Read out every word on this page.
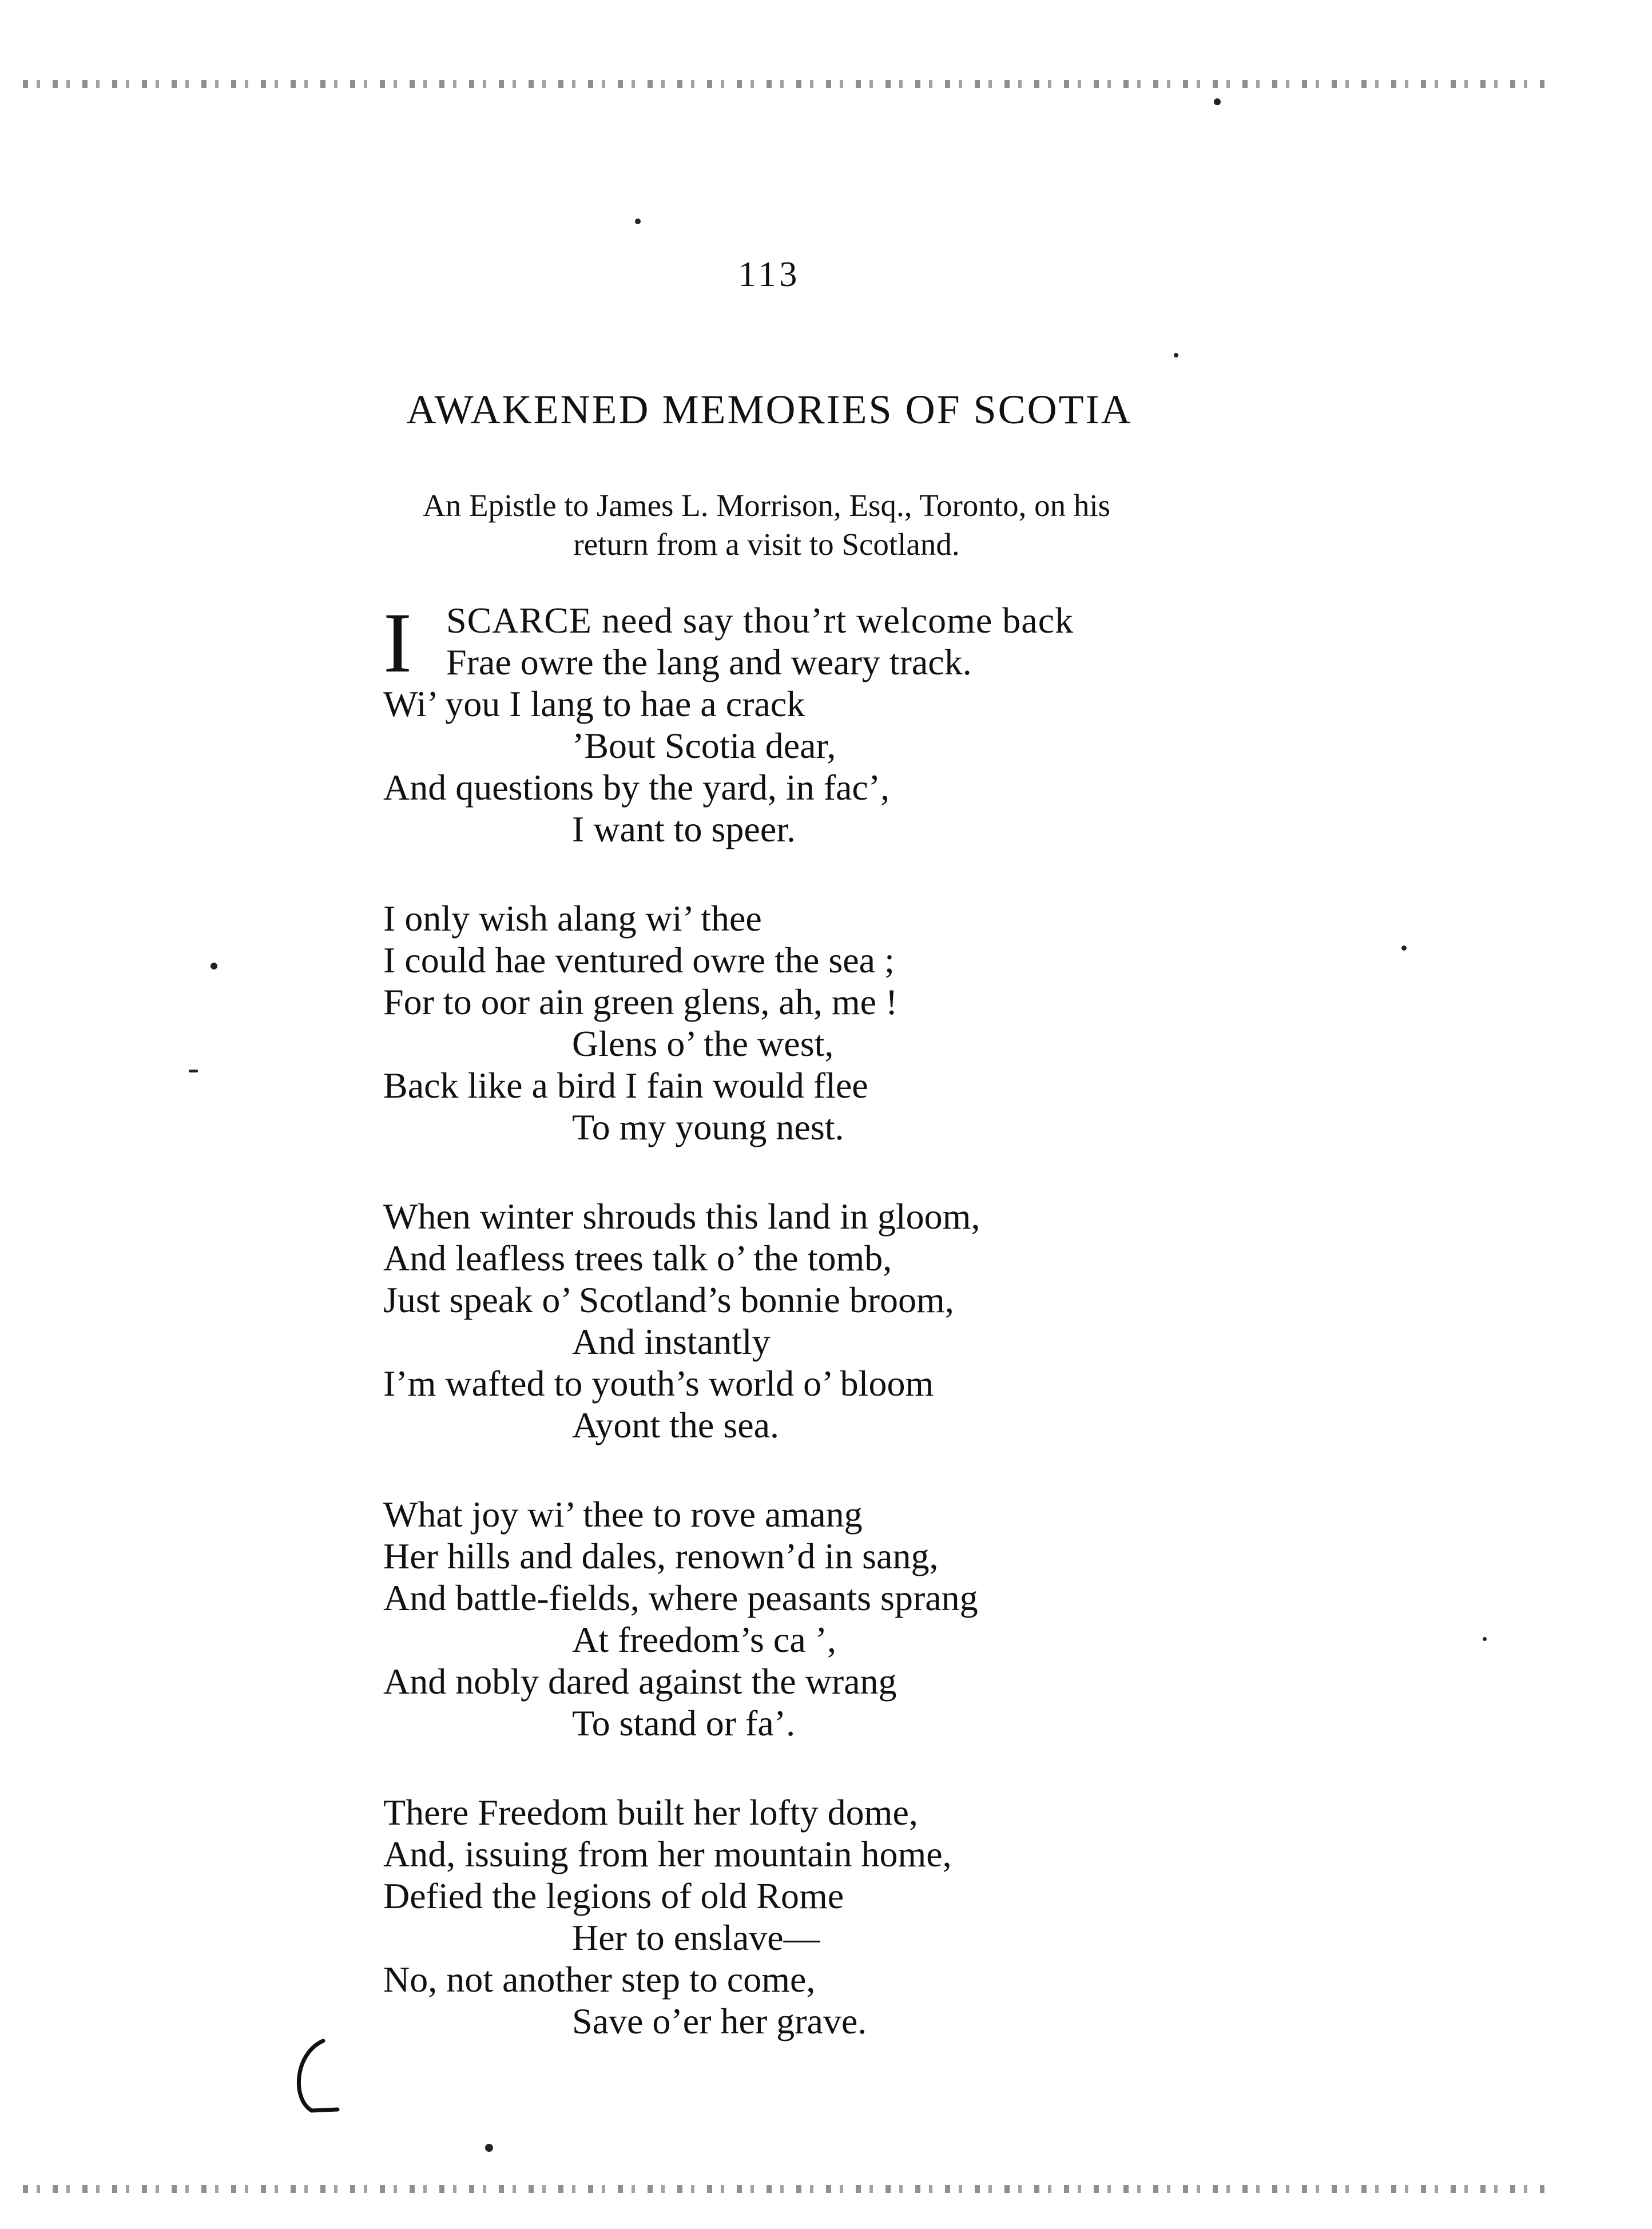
113
AWAKENED MEMORIES OF SCOTIA
An Epistle to James L. Morrison, Esq., Toronto, on his
return from a visit to Scotland.
I SCARCE need say thou’rt welcome back
Frae owre the lang and weary track.
Wi’ you I lang to hae a crack
’Bout Scotia dear,
And questions by the yard, in fac’,
I want to speer.
I only wish alang wi’ thee
I could hae ventured owre the sea ;
For to oor ain green glens, ah, me !
Glens o’ the west,
Back like a bird I fain would flee
To my young nest.
When winter shrouds this land in gloom,
And leafless trees talk o’ the tomb,
Just speak o’ Scotland’s bonnie broom,
And instantly
I’m wafted to youth’s world o’ bloom
Ayont the sea.
What joy wi’ thee to rove amang
Her hills and dales, renown’d in sang,
And battle-fields, where peasants sprang
At freedom’s ca ’,
And nobly dared against the wrang
To stand or fa’.
There Freedom built her lofty dome,
And, issuing from her mountain home,
Defied the legions of old Rome
Her to enslave—
No, not another step to come,
Save o’er her grave.
